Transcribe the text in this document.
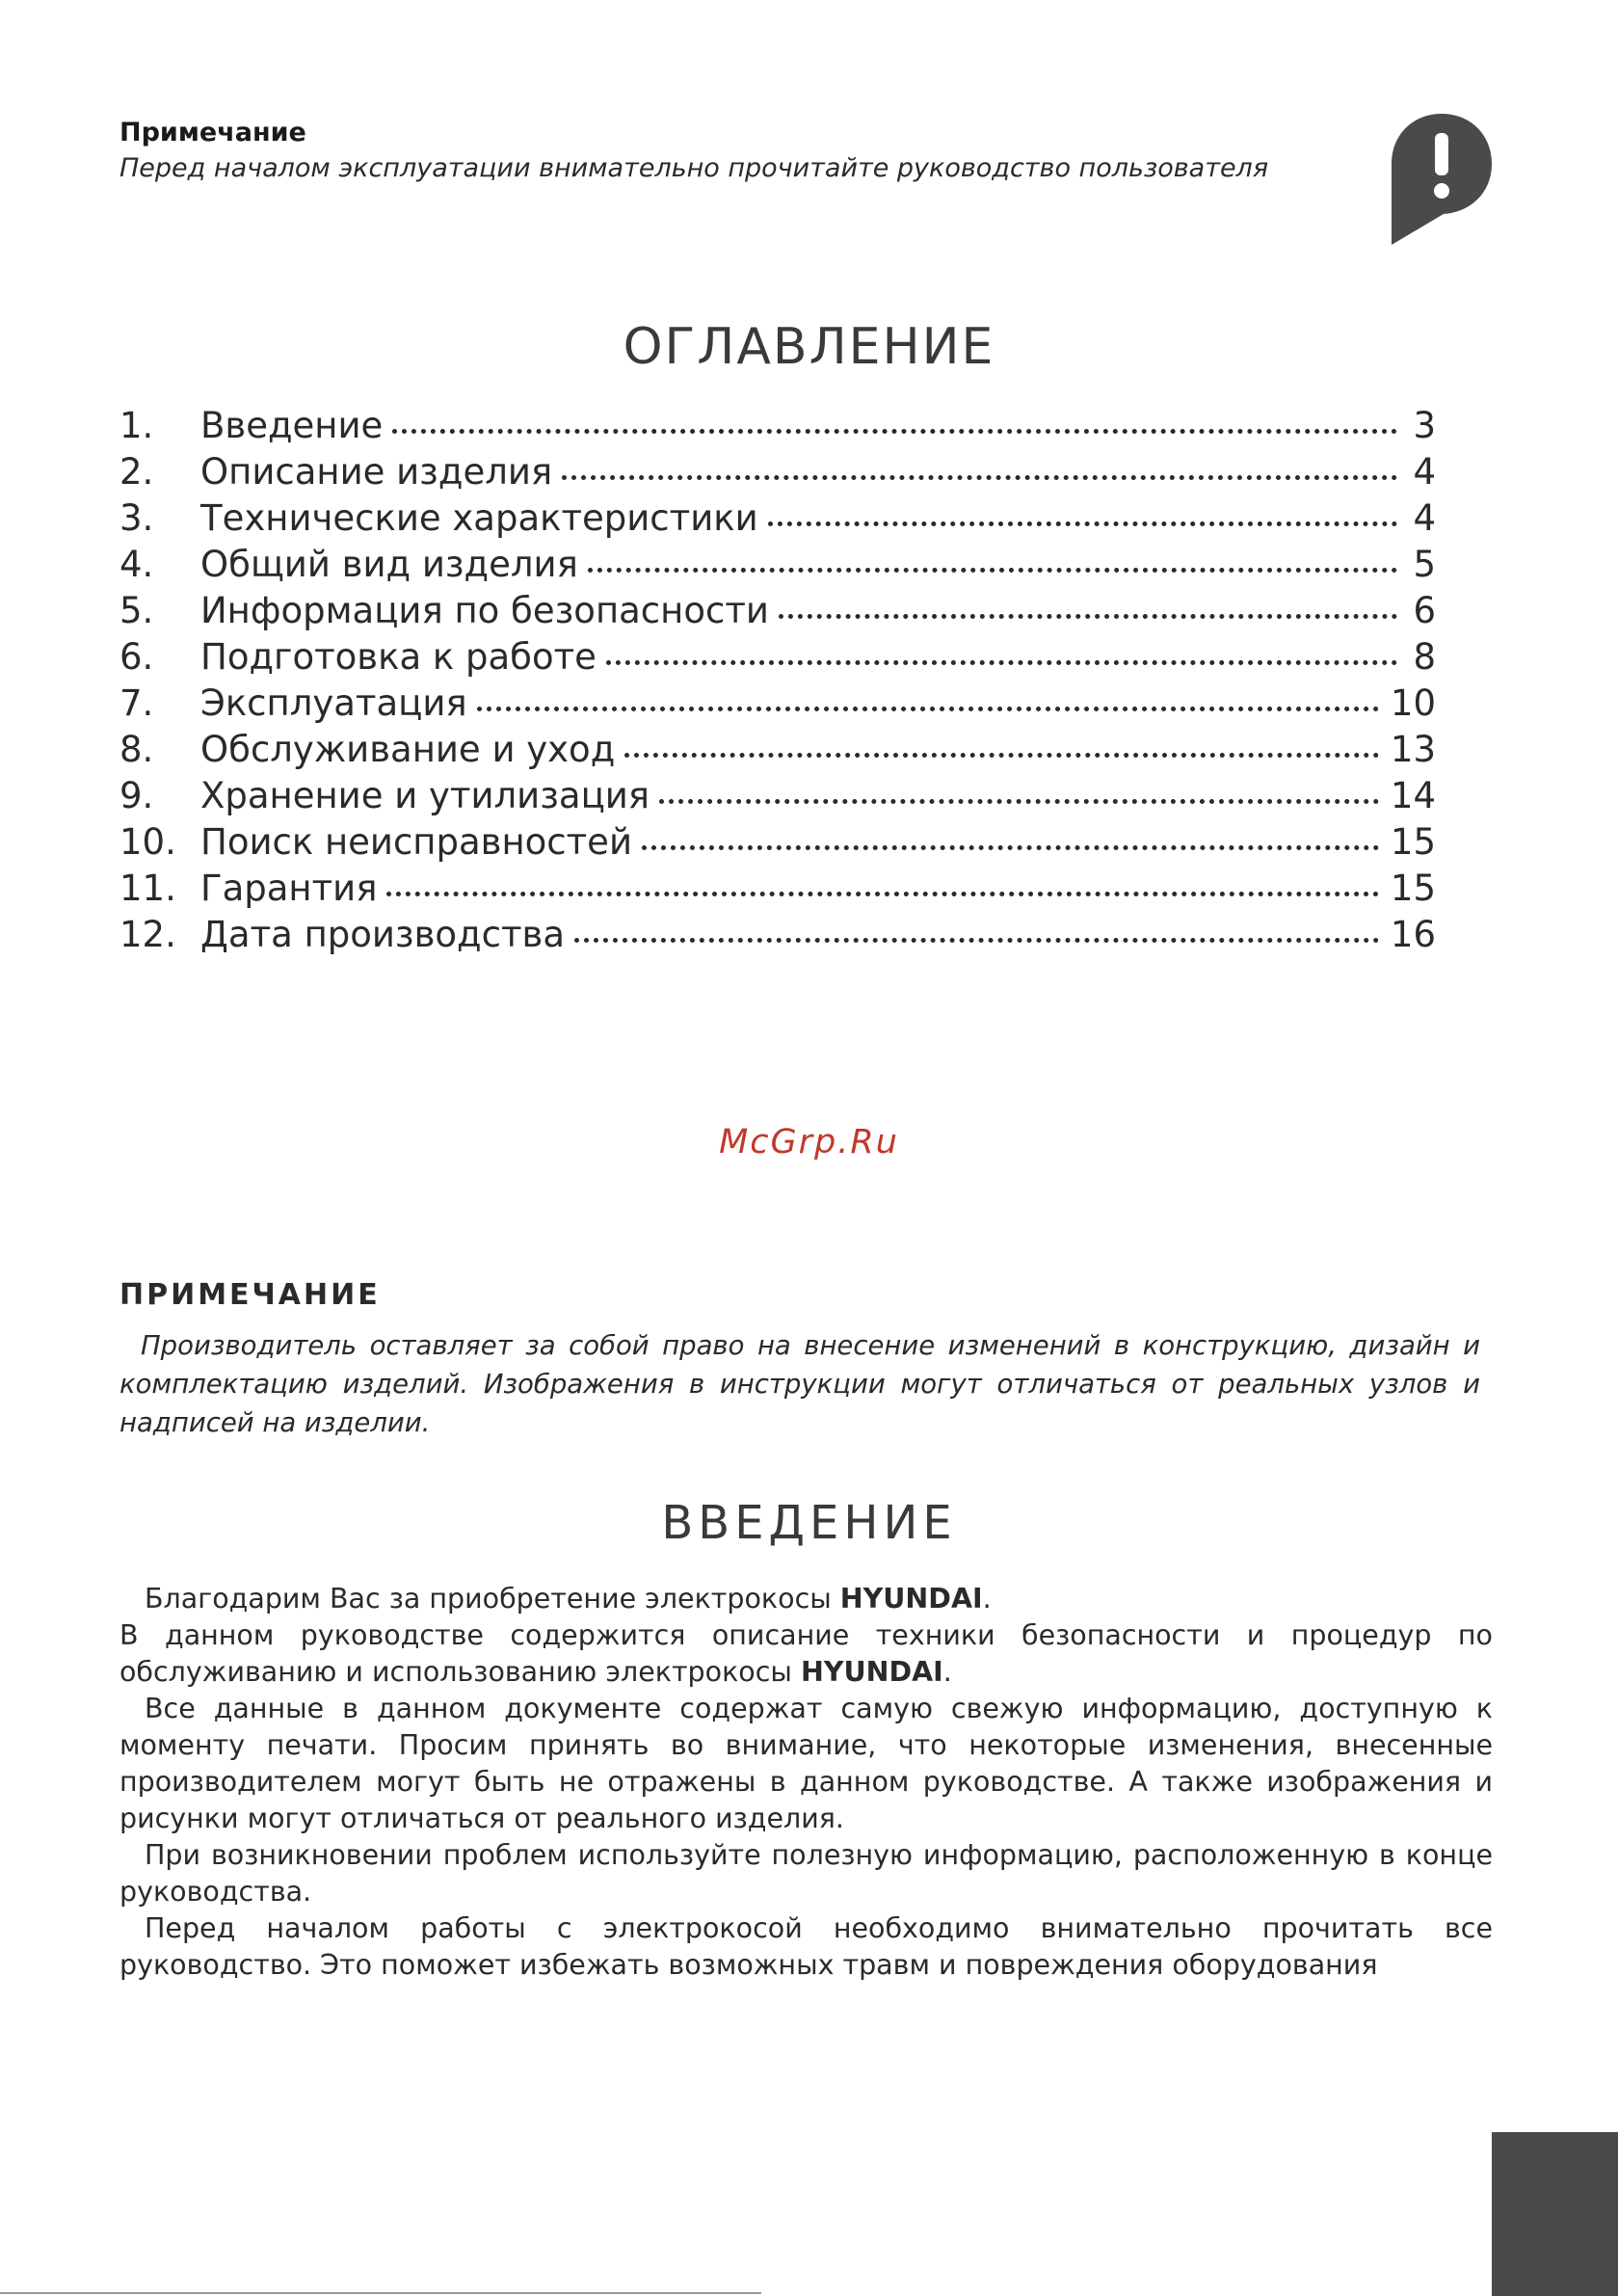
Примечание

Перед началом эксплуатации внимательно прочитайте руководство пользователя

ОГЛАВЛЕНИЕ
1.	Введение	3
2.	Описание изделия	4
3.	Технические характеристики	4
4.	Общий вид изделия	5
5.	Информация по безопасности	6
6.	Подготовка к работе	8
7.	Эксплуатация	10
8.	Обслуживание и уход	13
9.	Хранение и утилизация	14
10. Поиск неисправностей	15
11. Гарантия	15
12. Дата производства	16

McGrp.Ru

ПРИМЕЧАНИЕ

Производитель оставляет за собой право на внесение изменений в конструкцию, дизайн и комплектацию изделий. Изображения в инструкции могут отличаться от реальных узлов и надписей на изделии.

ВВЕДЕНИЕ

Благодарим Вас за приобретение электрокосы HYUNDAI.

В данном руководстве содержится описание техники безопасности и процедур по обслуживанию и использованию электрокосы HYUNDAI.

Все данные в данном документе содержат самую свежую информацию, доступную к моменту печати. Просим принять во внимание, что некоторые изменения, внесенные производителем могут быть не отражены в данном руководстве. А также изображения и рисунки могут отличаться от реального изделия.

При возникновении проблем используйте полезную информацию, расположенную в конце руководства.

Перед началом работы с электрокосой необходимо внимательно прочитать все руководство. Это поможет избежать возможных травм и повреждения оборудования
